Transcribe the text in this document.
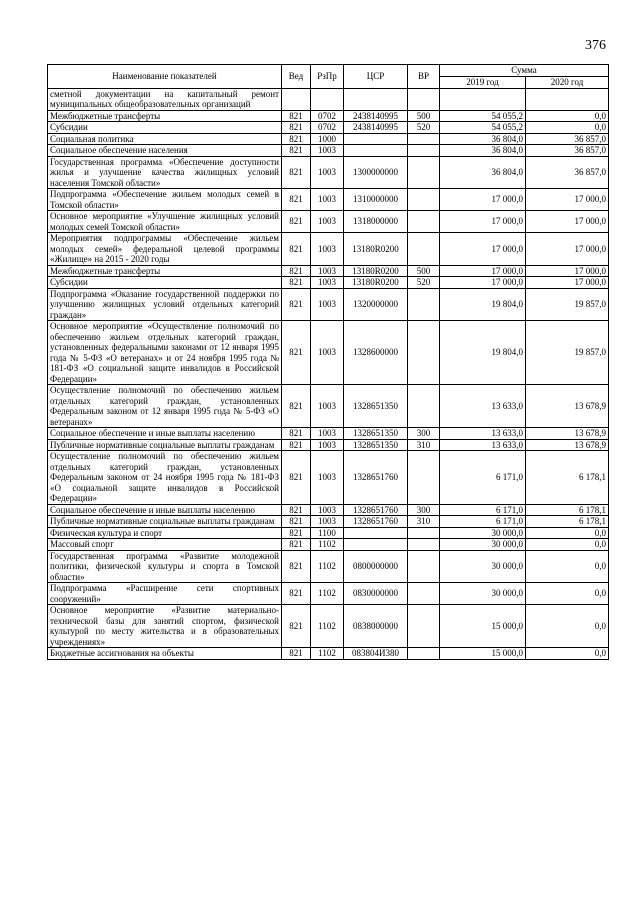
376
Наименование показателей	Вед	РзПр	ЦСР	ВР	Сумма	
					2019 год	2020 год
сметной документации на капитальный ремонт муниципальных общеобразовательных организаций						
Межбюджетные трансферты	821	0702	2438140995	500	54 055,2	0,0
Субсидии	821	0702	2438140995	520	54 055,2	0,0
Социальная политика	821	1000			36 804,0	36 857,0
Социальное обеспечение населения	821	1003			36 804,0	36 857,0
Государственная программа «Обеспечение доступности жилья и улучшение качества жилищных условий населения Томской области»	821	1003	1300000000		36 804,0	36 857,0
Подпрограмма «Обеспечение жильем молодых семей в Томской области»	821	1003	1310000000		17 000,0	17 000,0
Основное мероприятие «Улучшение жилищных условий молодых семей Томской области»	821	1003	1318000000		17 000,0	17 000,0
Мероприятия подпрограммы «Обеспечение жильем молодых семей» федеральной целевой программы «Жилище» на 2015 - 2020 годы	821	1003	13180R0200		17 000,0	17 000,0
Межбюджетные трансферты	821	1003	13180R0200	500	17 000,0	17 000,0
Субсидии	821	1003	13180R0200	520	17 000,0	17 000,0
Подпрограмма «Оказание государственной поддержки по улучшению жилищных условий отдельных категорий граждан»	821	1003	1320000000		19 804,0	19 857,0
Основное мероприятие «Осуществление полномочий по обеспечению жильем отдельных категорий граждан, установленных федеральными законами от 12 января 1995 года № 5-ФЗ «О ветеранах» и от 24 ноября 1995 года № 181-ФЗ «О социальной защите инвалидов в Российской Федерации»	821	1003	1328600000		19 804,0	19 857,0
Осуществление полномочий по обеспечению жильем отдельных категорий граждан, установленных Федеральным законом от 12 января 1995 года № 5-ФЗ «О ветеранах»	821	1003	1328651350		13 633,0	13 678,9
Социальное обеспечение и иные выплаты населению	821	1003	1328651350	300	13 633,0	13 678,9
Публичные нормативные социальные выплаты гражданам	821	1003	1328651350	310	13 633,0	13 678,9
Осуществление полномочий по обеспечению жильем отдельных категорий граждан, установленных Федеральным законом от 24 ноября 1995 года № 181-ФЗ «О социальной защите инвалидов в Российской Федерации»	821	1003	1328651760		6 171,0	6 178,1
Социальное обеспечение и иные выплаты населению	821	1003	1328651760	300	6 171,0	6 178,1
Публичные нормативные социальные выплаты гражданам	821	1003	1328651760	310	6 171,0	6 178,1
Физическая культура и спорт	821	1100			30 000,0	0,0
Массовый спорт	821	1102			30 000,0	0,0
Государственная программа «Развитие молодежной политики, физической культуры и спорта в Томской области»	821	1102	0800000000		30 000,0	0,0
Подпрограмма «Расширение сети спортивных сооружений»	821	1102	0830000000		30 000,0	0,0
Основное мероприятие «Развитие материально-технической базы для занятий спортом, физической культурой по месту жительства и в образовательных учреждениях»	821	1102	0838000000		15 000,0	0,0
Бюджетные ассигнования на объекты	821	1102	083804И380		15 000,0	0,0
